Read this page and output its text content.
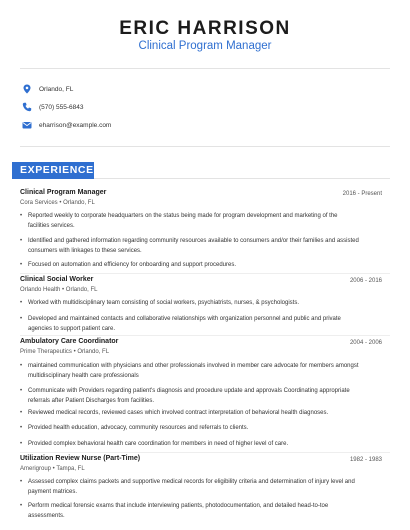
ERIC HARRISON
Clinical Program Manager
Orlando, FL
(570) 555-6843
eharrison@example.com
EXPERIENCE
Clinical Program Manager	2016 - Present
Cora Services • Orlando, FL
• Reported weekly to corporate headquarters on the status being made for program development and marketing of the facilities services.
• Identified and gathered information regarding community resources available to consumers and/or their families and assisted consumers with linkages to these services.
• Focused on automation and efficiency for onboarding and support procedures.
Clinical Social Worker	2006 - 2016
Orlando Health • Orlando, FL
• Worked with multidisciplinary team consisting of social workers, psychiatrists, nurses, & psychologists.
• Developed and maintained contacts and collaborative relationships with organization personnel and public and private agencies to support patient care.
Ambulatory Care Coordinator	2004 - 2006
Prime Therapeutics • Orlando, FL
• maintained communication with physicians and other professionals involved in member care advocate for members amongst multidisciplinary health care professionals
• Communicate with Providers regarding patient's diagnosis and procedure update and approvals Coordinating appropriate referrals after Patient Discharges from facilities.
• Reviewed medical records, reviewed cases which involved contract interpretation of behavioral health diagnoses.
• Provided health education, advocacy, community resources and referrals to clients.
• Provided complex behavioral health care coordination for members in need of higher level of care.
Utilization Review Nurse (Part-Time)	1982 - 1983
Amerigroup • Tampa, FL
• Assessed complex claims packets and supportive medical records for eligibility criteria and determination of injury level and payment matrices.
• Perform medical forensic exams that include interviewing patients, photodocumentation, and detailed head-to-toe assessments.
